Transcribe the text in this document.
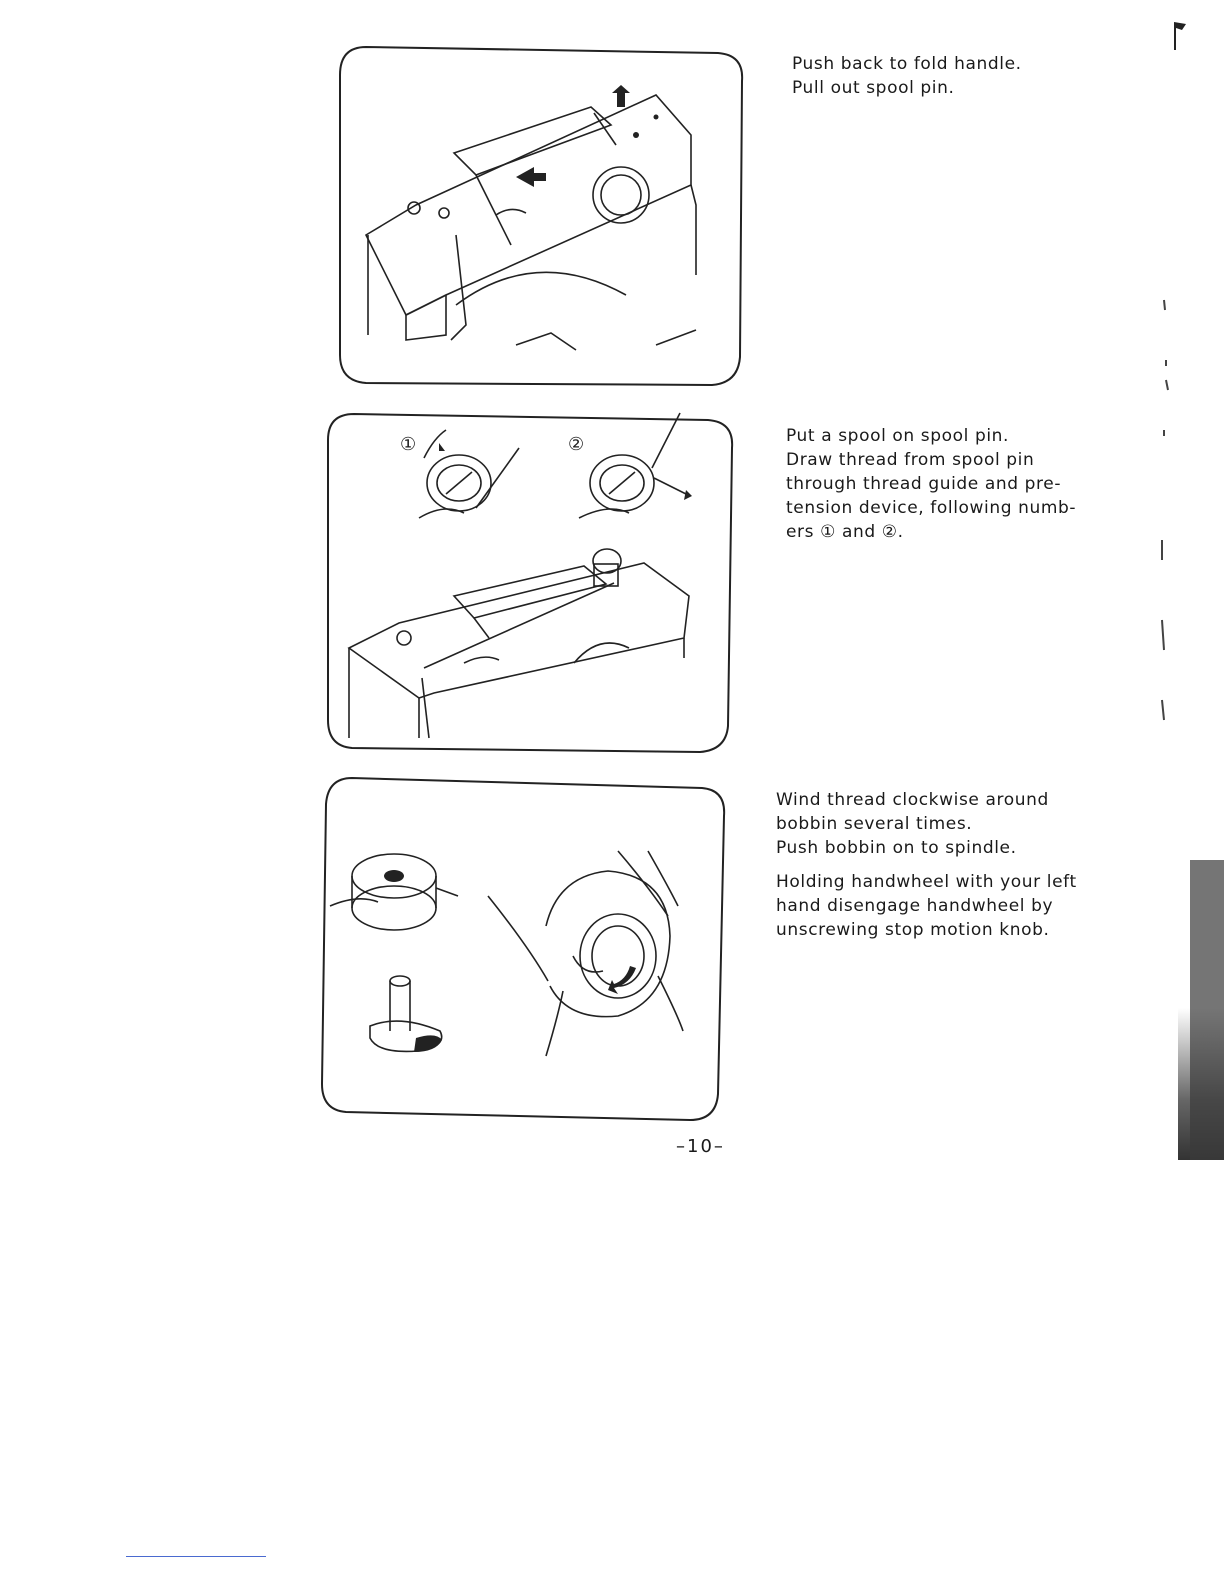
Push back to fold handle.
Pull out spool pin.
①	②	Put a spool on spool pin.
Draw thread from spool pin
through thread guide and pre-
tension device, following numb-
ers ① and ②.
Wind thread clockwise around
bobbin several times.
Push bobbin on to spindle.
Holding handwheel with your left
hand disengage handwheel by
unscrewing stop motion knob.
–10–
